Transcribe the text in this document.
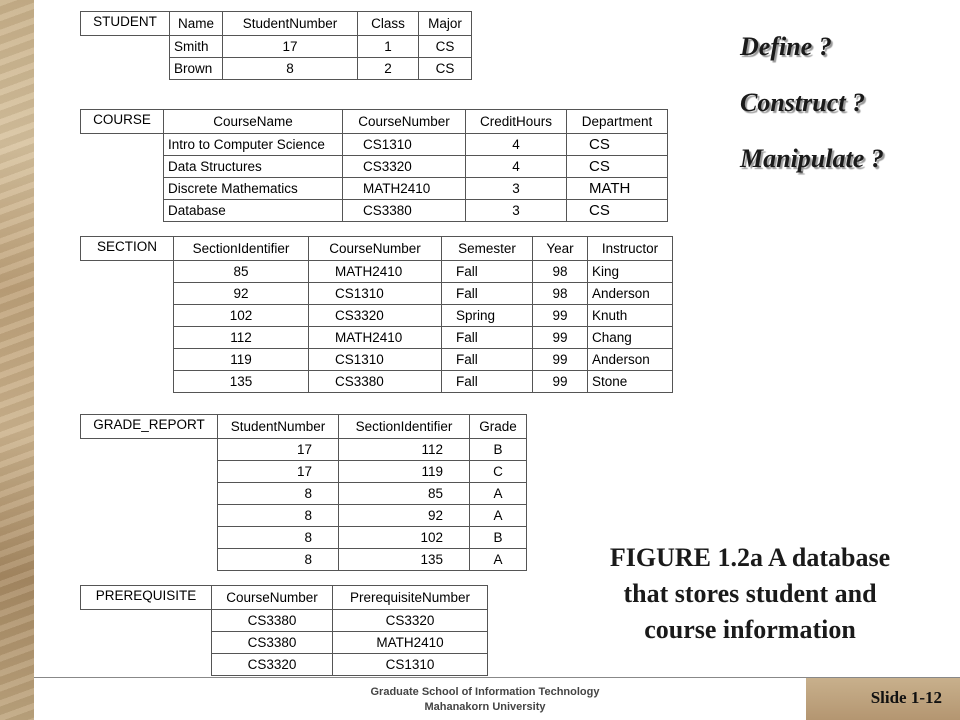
STUDENT	Name	StudentNumber	Class	Major
	Smith	17	1	CS
	Brown	8	2	CS
COURSE	CourseName	CourseNumber	CreditHours	Department
	Intro to Computer Science	CS1310	4	CS
	Data Structures	CS3320	4	CS
	Discrete Mathematics	MATH2410	3	MATH
	Database	CS3380	3	CS
SECTION	SectionIdentifier	CourseNumber	Semester	Year	Instructor
	85	MATH2410	Fall	98	King
	92	CS1310	Fall	98	Anderson
	102	CS3320	Spring	99	Knuth
	112	MATH2410	Fall	99	Chang
	119	CS1310	Fall	99	Anderson
	135	CS3380	Fall	99	Stone
GRADE_REPORT	StudentNumber	SectionIdentifier	Grade
	17	112	B
	17	119	C
	8	85	A
	8	92	A
	8	102	B
	8	135	A
PREREQUISITE	CourseNumber	PrerequisiteNumber
	CS3380	CS3320
	CS3380	MATH2410
	CS3320	CS1310
Define ?
Construct ?
Manipulate ?
FIGURE 1.2a A database
that stores student and
course information
Graduate School of Information Technology
Mahanakorn University	Slide 1-12
